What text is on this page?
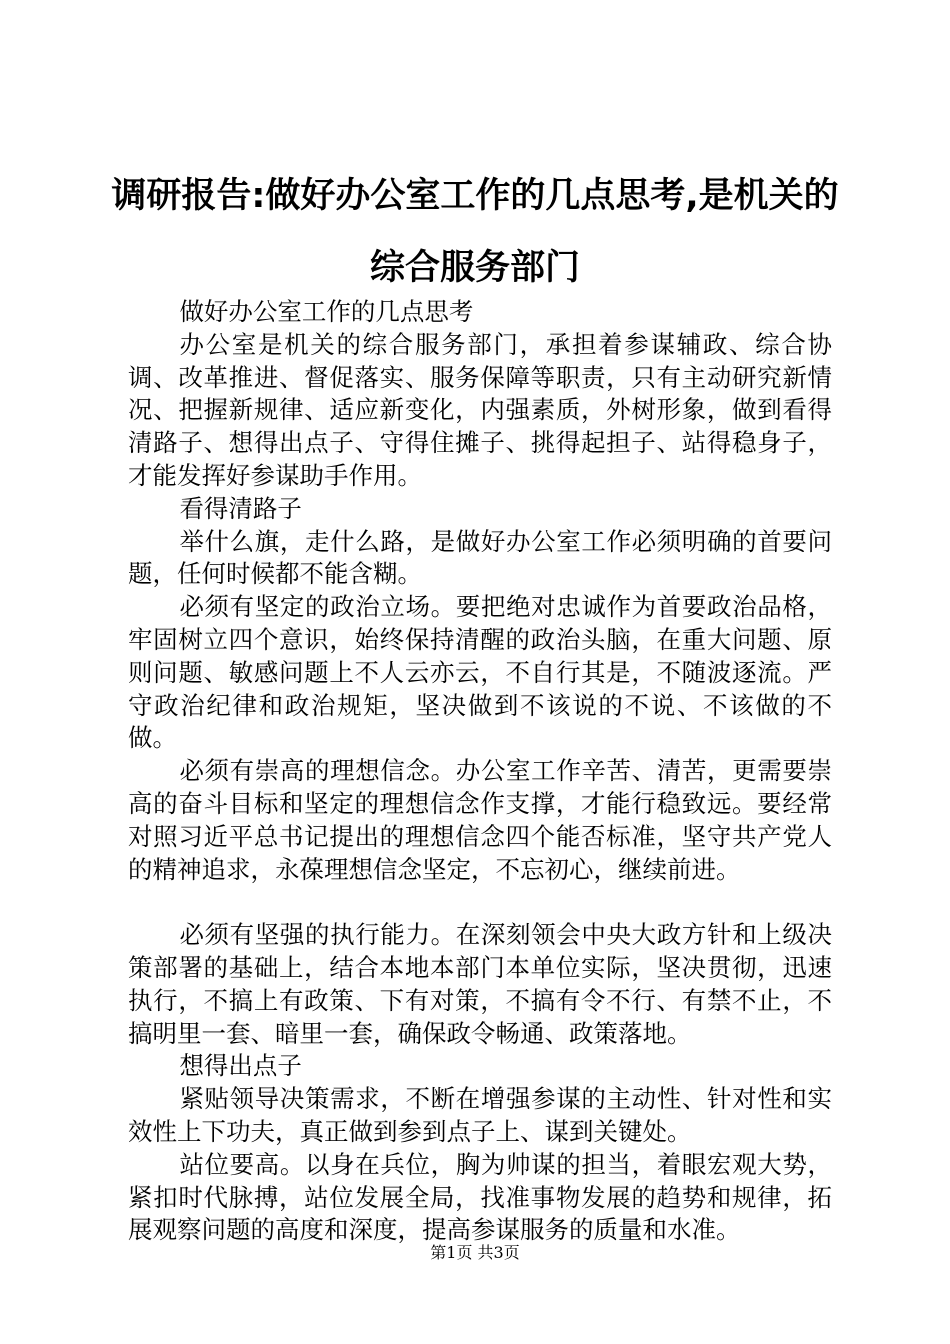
调研报告:做好办公室工作的几点思考,是机关的综合服务部门

做好办公室工作的几点思考

办公室是机关的综合服务部门，承担着参谋辅政、综合协调、改革推进、督促落实、服务保障等职责，只有主动研究新情况、把握新规律、适应新变化，内强素质，外树形象，做到看得清路子、想得出点子、守得住摊子、挑得起担子、站得稳身子，才能发挥好参谋助手作用。

看得清路子

举什么旗，走什么路，是做好办公室工作必须明确的首要问题，任何时候都不能含糊。

必须有坚定的政治立场。要把绝对忠诚作为首要政治品格，牢固树立四个意识，始终保持清醒的政治头脑，在重大问题、原则问题、敏感问题上不人云亦云，不自行其是，不随波逐流。严守政治纪律和政治规矩，坚决做到不该说的不说、不该做的不做。

必须有崇高的理想信念。办公室工作辛苦、清苦，更需要崇高的奋斗目标和坚定的理想信念作支撑，才能行稳致远。要经常对照习近平总书记提出的理想信念四个能否标准，坚守共产党人的精神追求，永葆理想信念坚定，不忘初心，继续前进。

必须有坚强的执行能力。在深刻领会中央大政方针和上级决策部署的基础上，结合本地本部门本单位实际，坚决贯彻，迅速执行，不搞上有政策、下有对策，不搞有令不行、有禁不止，不搞明里一套、暗里一套，确保政令畅通、政策落地。

想得出点子

紧贴领导决策需求，不断在增强参谋的主动性、针对性和实效性上下功夫，真正做到参到点子上、谋到关键处。

站位要高。以身在兵位，胸为帅谋的担当，着眼宏观大势，紧扣时代脉搏，站位发展全局，找准事物发展的趋势和规律，拓展观察问题的高度和深度，提高参谋服务的质量和水准。

第1页 共3页
